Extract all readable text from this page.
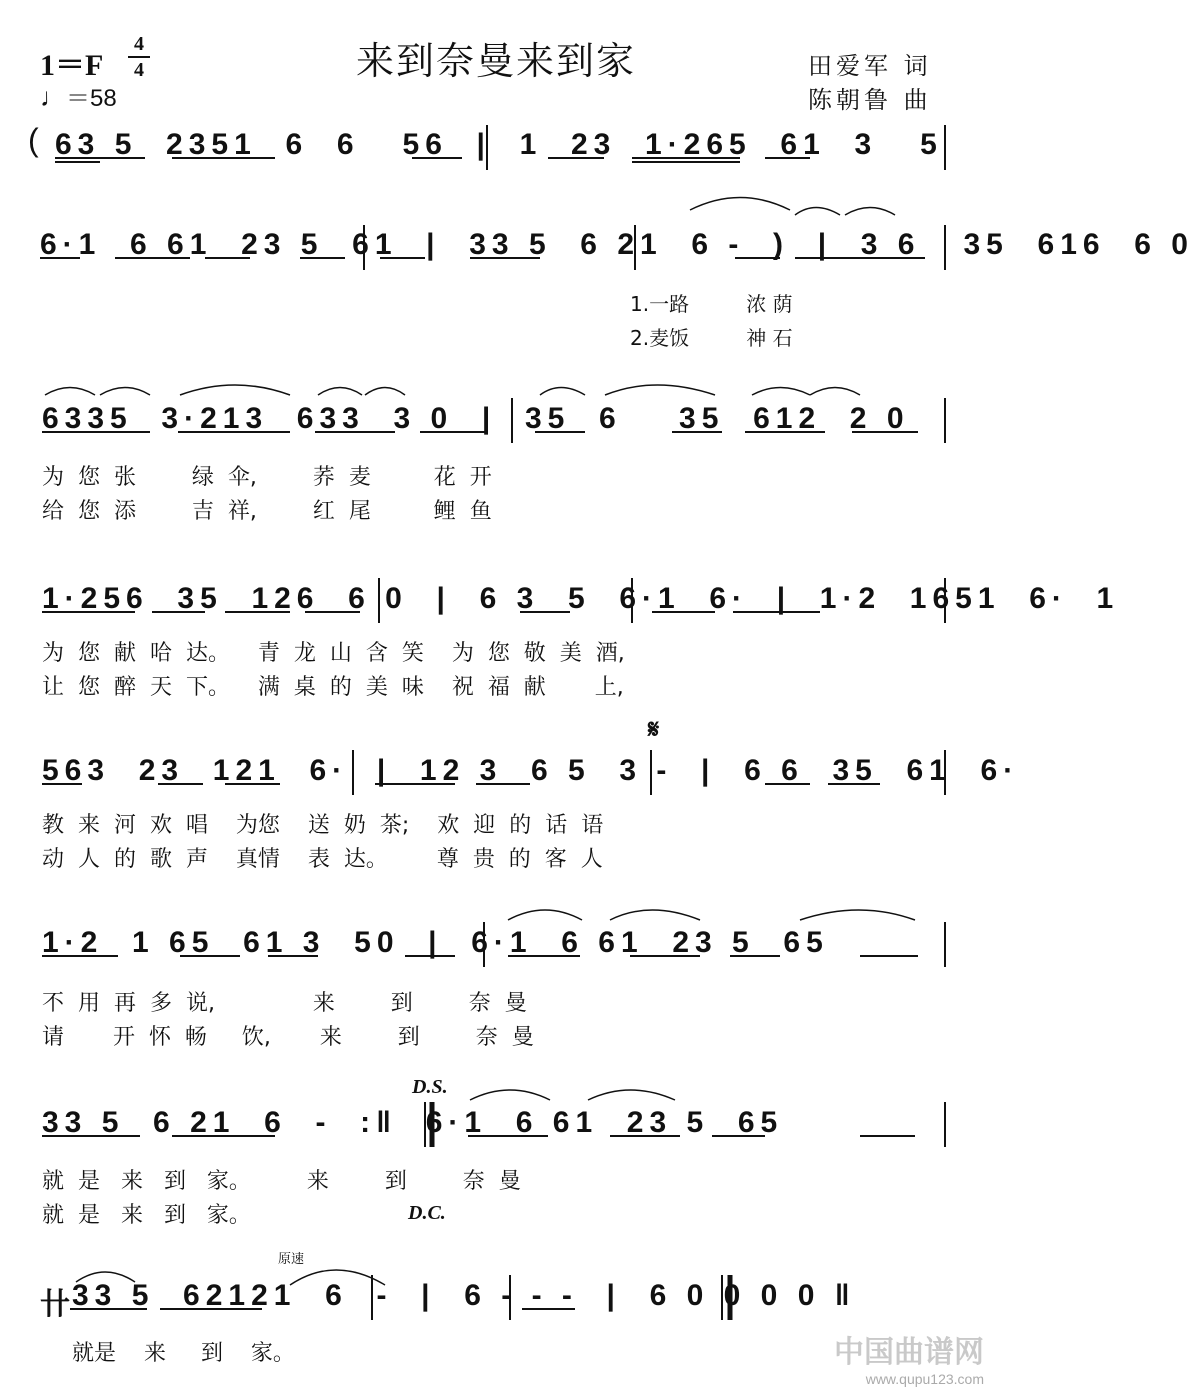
来到奈曼来到家
1＝F
4
4
♩＝58
田爱军 词
陈朝鲁 曲
( 63 5  2351  6  6   56  |  1  23  1·265  61  3   5
6·1  6 61  23 5  61  |  33 5  6 21  6 -  )  |  3 6   35  616  6 0
1.一路         浓 荫
2.麦饭         神 石
6335  3·213  633  3 0  |  35  6    35  612  2 0
为  您  张        绿  伞,        荞  麦         花  开
给  您  添        吉  祥,        红  尾         鲤  鱼
1·256  35  126  6 0  |  6 3  5  6·1  6·  |  1·2  1651  6·  1
为  您  献  哈  达。    青  龙  山  含  笑    为  您  敬  美  酒,
让  您  醉  天  下。    满  桌  的  美  味    祝  福  献       上,
𝄋
563  23  121  6·  |  12 3  6 5  3 -  |  6 6  35  61  6·
教  来  河  欢  唱    为您    送  奶  茶;    欢  迎  的  话  语
动  人  的  歌  声    真情    表  达。       尊  贵  的  客  人
1·2  1 65  61 3  50  |  6·1  6 61  23 5  65
不  用  再  多  说,              来        到        奈  曼
请       开  怀  畅     饮,       来        到        奈  曼
D.S.
33 5  6 21  6  -  :‖  6·1  6 61  23 5  65
就  是   来   到   家。        来        到        奈  曼
就  是   来   到   家。	D.C.
原速
卄
33 5  62121  6  -  |  6 - - -  |  6 0 0 0 0 ‖
就是    来     到    家。	中国曲谱网
www.qupu123.com
